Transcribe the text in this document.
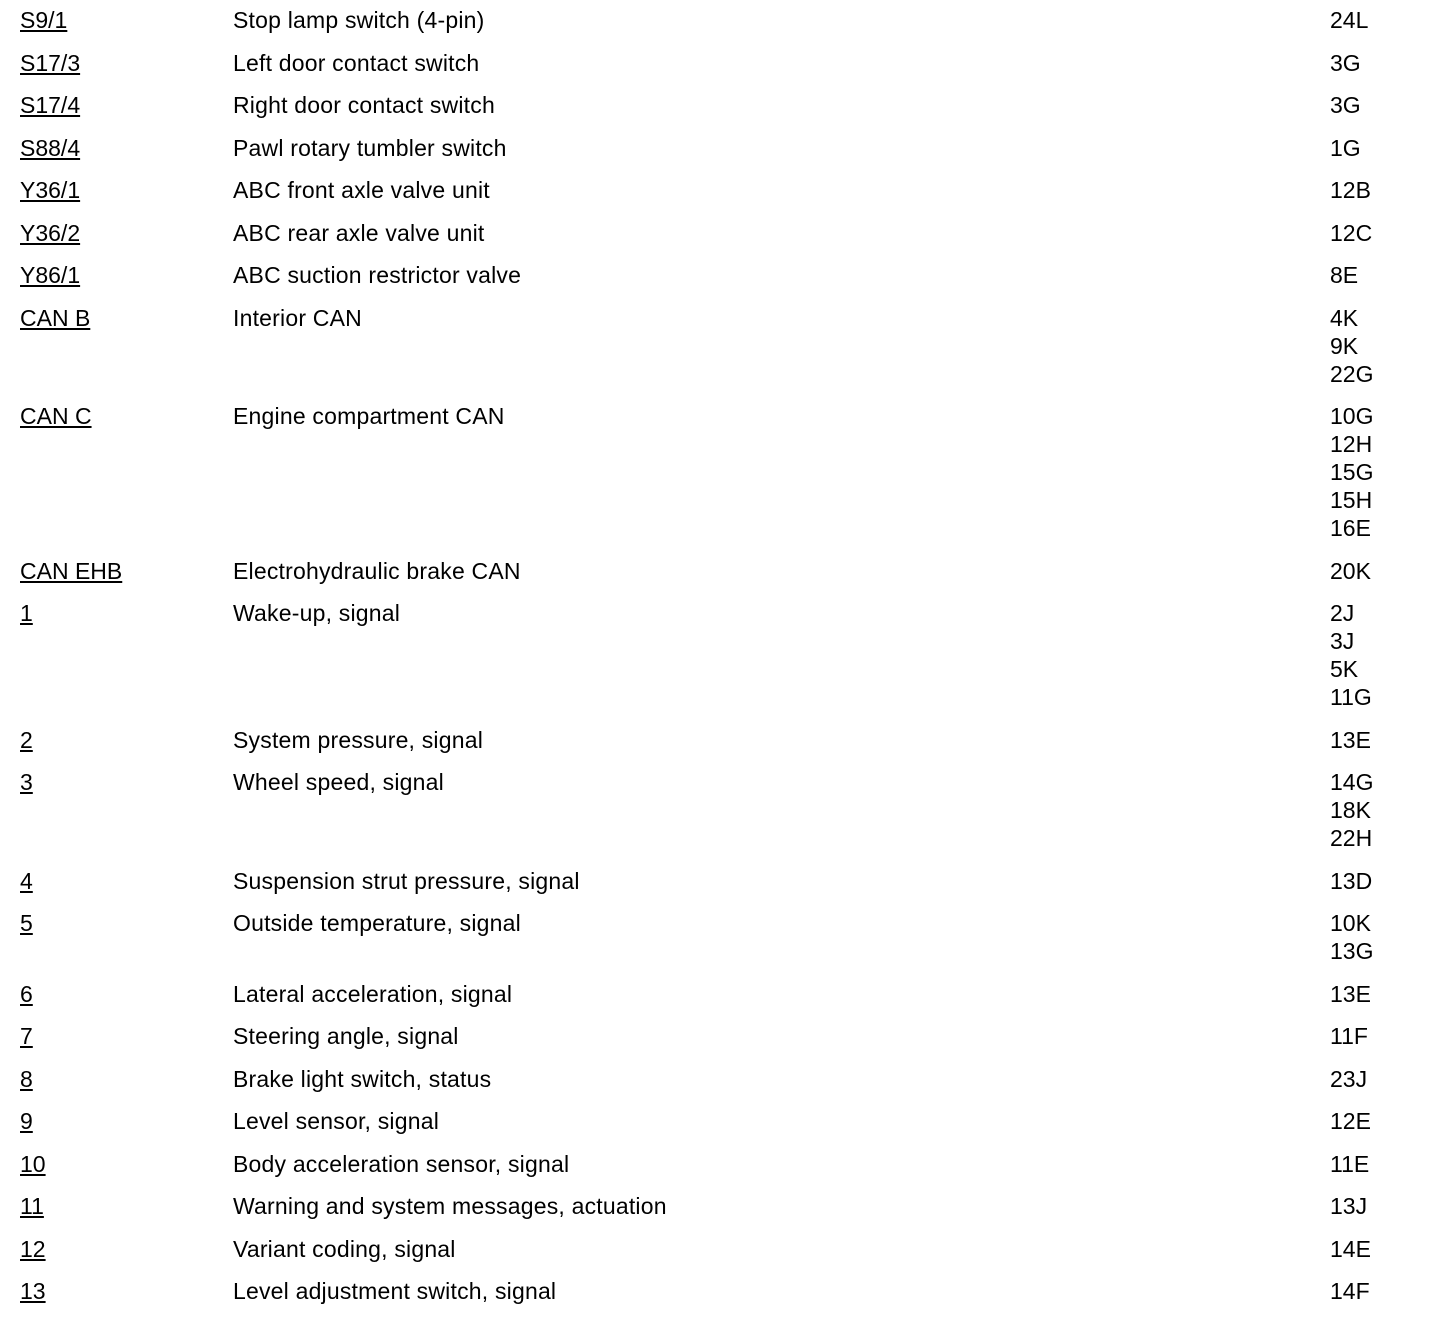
S9/1	Stop lamp switch (4-pin)	24L
S17/3	Left door contact switch	3G
S17/4	Right door contact switch	3G
S88/4	Pawl rotary tumbler switch	1G
Y36/1	ABC front axle valve unit	12B
Y36/2	ABC rear axle valve unit	12C
Y86/1	ABC suction restrictor valve	8E
CAN B	Interior CAN	4K
9K
22G
CAN C	Engine compartment CAN	10G
12H
15G
15H
16E
CAN EHB	Electrohydraulic brake CAN	20K
1	Wake-up, signal	2J
3J
5K
11G
2	System pressure, signal	13E
3	Wheel speed, signal	14G
18K
22H
4	Suspension strut pressure, signal	13D
5	Outside temperature, signal	10K
13G
6	Lateral acceleration, signal	13E
7	Steering angle, signal	11F
8	Brake light switch, status	23J
9	Level sensor, signal	12E
10	Body acceleration sensor, signal	11E
11	Warning and system messages, actuation	13J
12	Variant coding, signal	14E
13	Level adjustment switch, signal	14F
